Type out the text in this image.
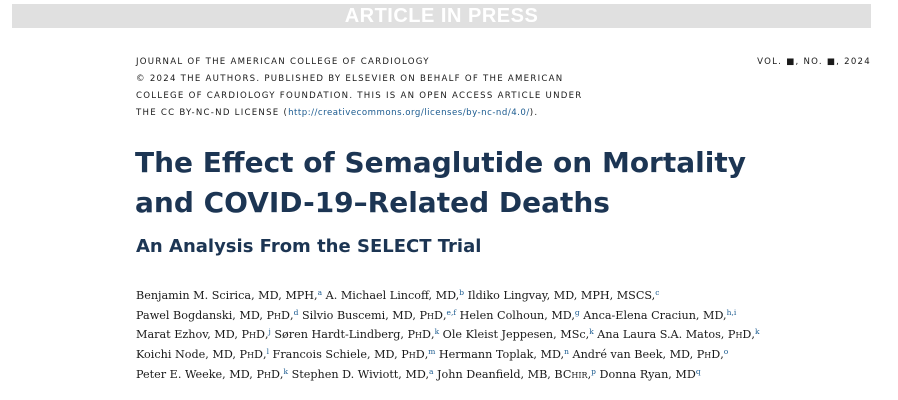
ARTICLE IN PRESS
JOURNAL OF THE AMERICAN COLLEGE OF CARDIOLOGY
© 2024 THE AUTHORS. PUBLISHED BY ELSEVIER ON BEHALF OF THE AMERICAN
COLLEGE OF CARDIOLOGY FOUNDATION. THIS IS AN OPEN ACCESS ARTICLE UNDER
THE CC BY-NC-ND LICENSE (http://creativecommons.org/licenses/by-nc-nd/4.0/).
VOL. ■, NO. ■, 2024
The Effect of Semaglutide on Mortality
and COVID-19–Related Deaths
An Analysis From the SELECT Trial
Benjamin M. Scirica, MD, MPH,$^a$ A. Michael Lincoff, MD,$^b$ Ildiko Lingvay, MD, MPH, MSCS,$^c$
Pawel Bogdanski, MD, PhD,$^d$ Silvio Buscemi, MD, PhD,$^{e,f}$ Helen Colhoun, MD,$^g$ Anca-Elena Craciun, MD,$^{h,i}$
Marat Ezhov, MD, PhD,$^j$ Søren Hardt-Lindberg, PhD,$^k$ Ole Kleist Jeppesen, MSc,$^k$ Ana Laura S.A. Matos, PhD,$^k$
Koichi Node, MD, PhD,$^l$ Francois Schiele, MD, PhD,$^m$ Hermann Toplak, MD,$^n$ André van Beek, MD, PhD,$^o$
Peter E. Weeke, MD, PhD,$^k$ Stephen D. Wiviott, MD,$^a$ John Deanfield, MB, BChir,$^p$ Donna Ryan, $MD^q$
